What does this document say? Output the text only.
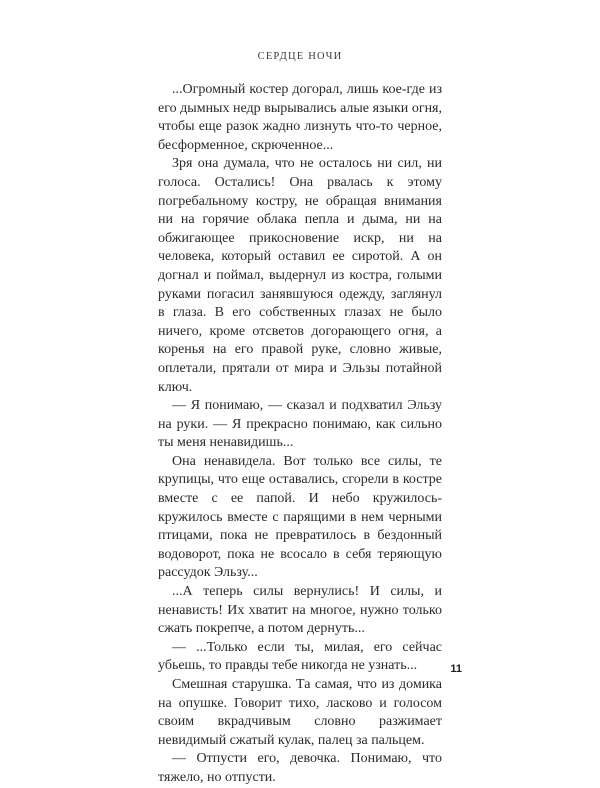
СЕРДЦЕ НОЧИ

...Огромный костер догорал, лишь кое-где из его дымных недр вырывались алые языки огня, чтобы еще разок жадно лизнуть что-то черное, бесформенное, скрюченное...

Зря она думала, что не осталось ни сил, ни голоса. Остались! Она рвалась к этому погребальному костру, не обращая внимания ни на горячие облака пепла и дыма, ни на обжигающее прикосновение искр, ни на человека, который оставил ее сиротой. А он догнал и поймал, выдернул из костра, голыми руками погасил занявшуюся одежду, заглянул в глаза. В его собственных глазах не было ничего, кроме отсветов догорающего огня, а коренья на его правой руке, словно живые, оплетали, прятали от мира и Эльзы потайной ключ.

— Я понимаю, — сказал и подхватил Эльзу на руки. — Я прекрасно понимаю, как сильно ты меня ненавидишь...

Она ненавидела. Вот только все силы, те крупицы, что еще оставались, сгорели в костре вместе с ее папой. И небо кружилось-кружилось вместе с парящими в нем черными птицами, пока не превратилось в бездонный водоворот, пока не всосало в себя теряющую рассудок Эльзу...

...А теперь силы вернулись! И силы, и ненависть! Их хватит на многое, нужно только сжать покрепче, а потом дернуть...

— ...Только если ты, милая, его сейчас убьешь, то правды тебе никогда не узнать...

Смешная старушка. Та самая, что из домика на опушке. Говорит тихо, ласково и голосом своим вкрадчивым словно разжимает невидимый сжатый кулак, палец за пальцем.

— Отпусти его, девочка. Понимаю, что тяжело, но отпусти.

11
